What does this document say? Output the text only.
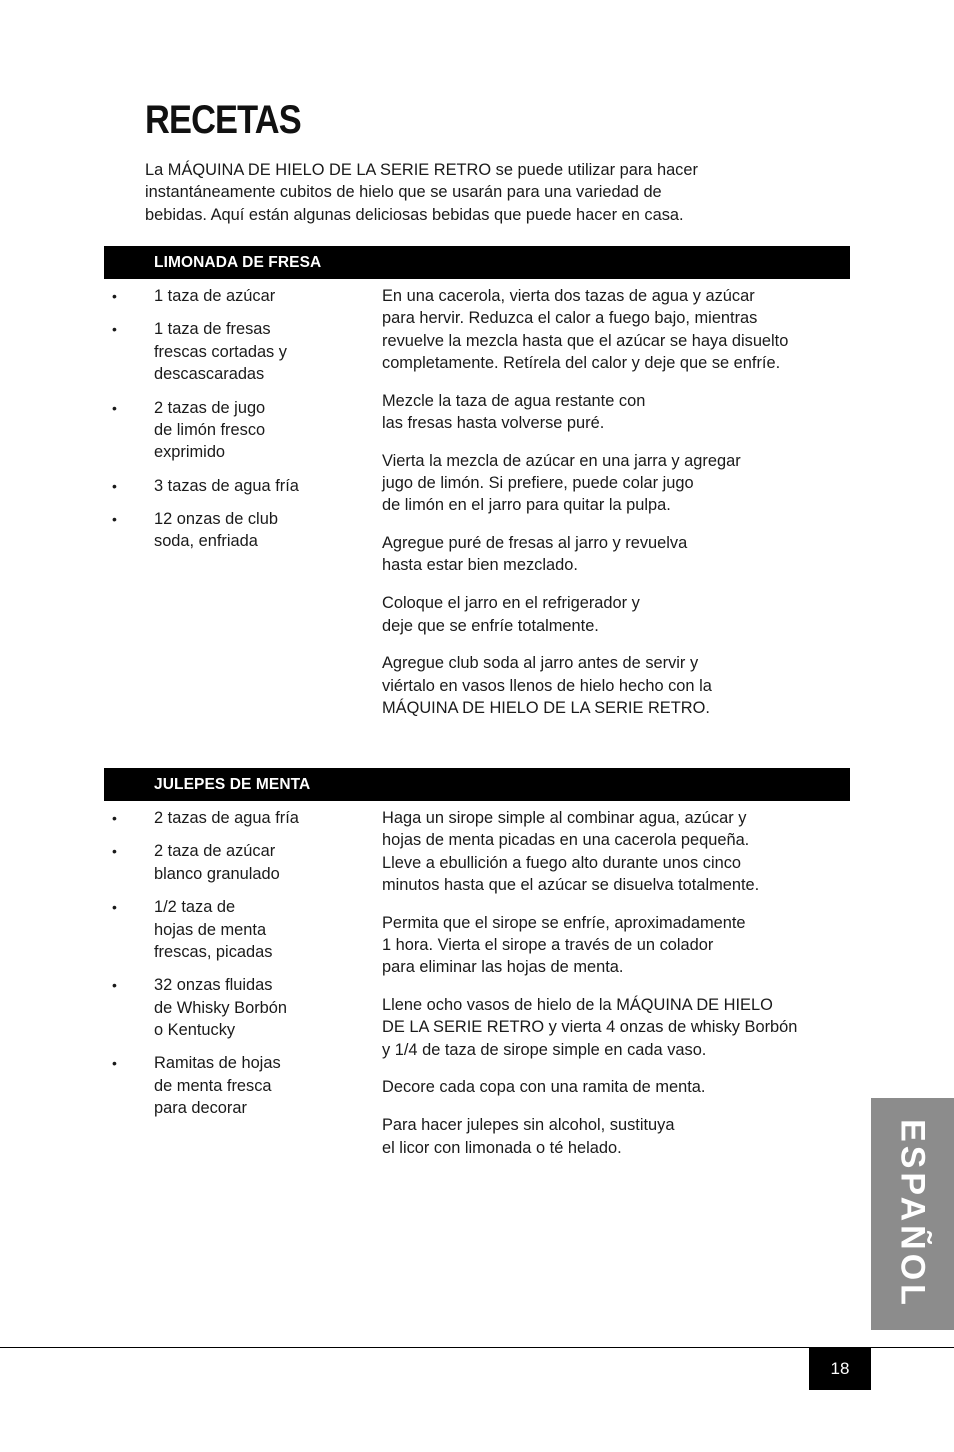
RECETAS
La MÁQUINA DE HIELO DE LA SERIE RETRO se puede utilizar para hacer
instantáneamente cubitos de hielo que se usarán para una variedad de
bebidas. Aquí están algunas deliciosas bebidas que puede hacer en casa.
LIMONADA DE FRESA
• 1 taza de azúcar
• 1 taza de fresas
frescas cortadas y
descascaradas
• 2 tazas de jugo
de limón fresco
exprimido
• 3 tazas de agua fría
• 12 onzas de club
soda, enfriada

En una cacerola, vierta dos tazas de agua y azúcar
para hervir. Reduzca el calor a fuego bajo, mientras
revuelve la mezcla hasta que el azúcar se haya disuelto
completamente. Retírela del calor y deje que se enfríe.

Mezcle la taza de agua restante con
las fresas hasta volverse puré.

Vierta la mezcla de azúcar en una jarra y agregar
jugo de limón. Si prefiere, puede colar jugo
de limón en el jarro para quitar la pulpa.

Agregue puré de fresas al jarro y revuelva
hasta estar bien mezclado.

Coloque el jarro en el refrigerador y
deje que se enfríe totalmente.

Agregue club soda al jarro antes de servir y
viértalo en vasos llenos de hielo hecho con la
MÁQUINA DE HIELO DE LA SERIE RETRO.

JULEPES DE MENTA
• 2 tazas de agua fría
• 2 taza de azúcar
blanco granulado
• 1/2 taza de
hojas de menta
frescas, picadas
• 32 onzas fluidas
de Whisky Borbón
o Kentucky
• Ramitas de hojas
de menta fresca
para decorar

Haga un sirope simple al combinar agua, azúcar y
hojas de menta picadas en una cacerola pequeña.
Lleve a ebullición a fuego alto durante unos cinco
minutos hasta que el azúcar se disuelva totalmente.

Permita que el sirope se enfríe, aproximadamente
1 hora. Vierta el sirope a través de un colador
para eliminar las hojas de menta.

Llene ocho vasos de hielo de la MÁQUINA DE HIELO
DE LA SERIE RETRO y vierta 4 onzas de whisky Borbón
y 1/4 de taza de sirope simple en cada vaso.

Decore cada copa con una ramita de menta.

Para hacer julepes sin alcohol, sustituya
el licor con limonada o té helado.	ESPAÑOL
18
